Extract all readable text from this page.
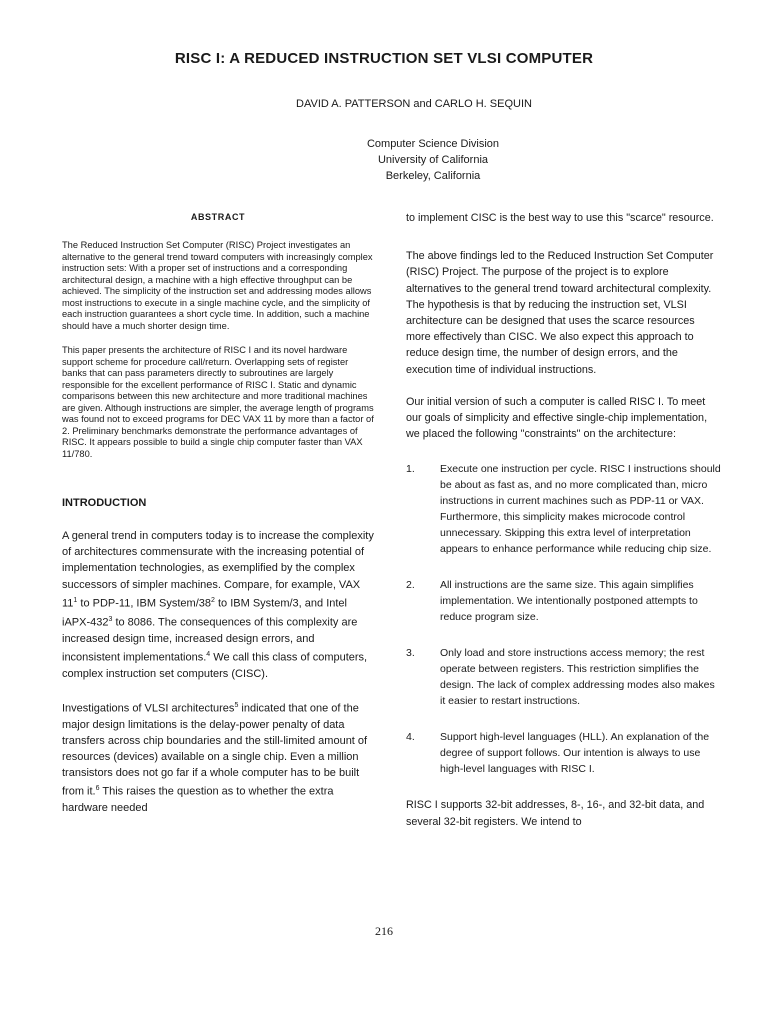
RISC I: A REDUCED INSTRUCTION SET VLSI COMPUTER
DAVID A. PATTERSON and CARLO H. SEQUIN
Computer Science Division
University of California
Berkeley, California
ABSTRACT

The Reduced Instruction Set Computer (RISC) Project investigates an alternative to the general trend toward computers with increasingly complex instruction sets: With a proper set of instructions and a corresponding architectural design, a machine with a high effective throughput can be achieved. The simplicity of the instruction set and addressing modes allows most instructions to execute in a single machine cycle, and the simplicity of each instruction guarantees a short cycle time. In addition, such a machine should have a much shorter design time.

This paper presents the architecture of RISC I and its novel hardware support scheme for procedure call/return. Overlapping sets of register banks that can pass parameters directly to subroutines are largely responsible for the excellent performance of RISC I. Static and dynamic comparisons between this new architecture and more traditional machines are given. Although instructions are simpler, the average length of programs was found not to exceed programs for DEC VAX 11 by more than a factor of 2. Preliminary benchmarks demonstrate the performance advantages of RISC. It appears possible to build a single chip computer faster than VAX 11/780.

INTRODUCTION

A general trend in computers today is to increase the complexity of architectures commensurate with the increasing potential of implementation technologies, as exemplified by the complex successors of simpler machines. Compare, for example, VAX $11^1$ to PDP-11, IBM System/$38^2$ to IBM System/3, and Intel iAPX-$432^3$ to 8086. The consequences of this complexity are increased design time, increased design errors, and inconsistent implementations.$^4$ We call this class of computers, complex instruction set computers (CISC).

Investigations of VLSI architectures$^5$ indicated that one of the major design limitations is the delay-power penalty of data transfers across chip boundaries and the still-limited amount of resources (devices) available on a single chip. Even a million transistors does not go far if a whole computer has to be built from it.$^6$ This raises the question as to whether the extra hardware needed

to implement CISC is the best way to use this "scarce" resource.

The above findings led to the Reduced Instruction Set Computer (RISC) Project. The purpose of the project is to explore alternatives to the general trend toward architectural complexity. The hypothesis is that by reducing the instruction set, VLSI architecture can be designed that uses the scarce resources more effectively than CISC. We also expect this approach to reduce design time, the number of design errors, and the execution time of individual instructions.

Our initial version of such a computer is called RISC I. To meet our goals of simplicity and effective single-chip implementation, we placed the following "constraints" on the architecture:

1.	Execute one instruction per cycle. RISC I instructions should be about as fast as, and no more complicated than, micro instructions in current machines such as PDP-11 or VAX. Furthermore, this simplicity makes microcode control unnecessary. Skipping this extra level of interpretation appears to enhance performance while reducing chip size.
2.	All instructions are the same size. This again simplifies implementation. We intentionally postponed attempts to reduce program size.
3.	Only load and store instructions access memory; the rest operate between registers. This restriction simplifies the design. The lack of complex addressing modes also makes it easier to restart instructions.
4.	Support high-level languages (HLL). An explanation of the degree of support follows. Our intention is always to use high-level languages with RISC I.

RISC I supports 32-bit addresses, 8-, 16-, and 32-bit data, and several 32-bit registers. We intend to

216
